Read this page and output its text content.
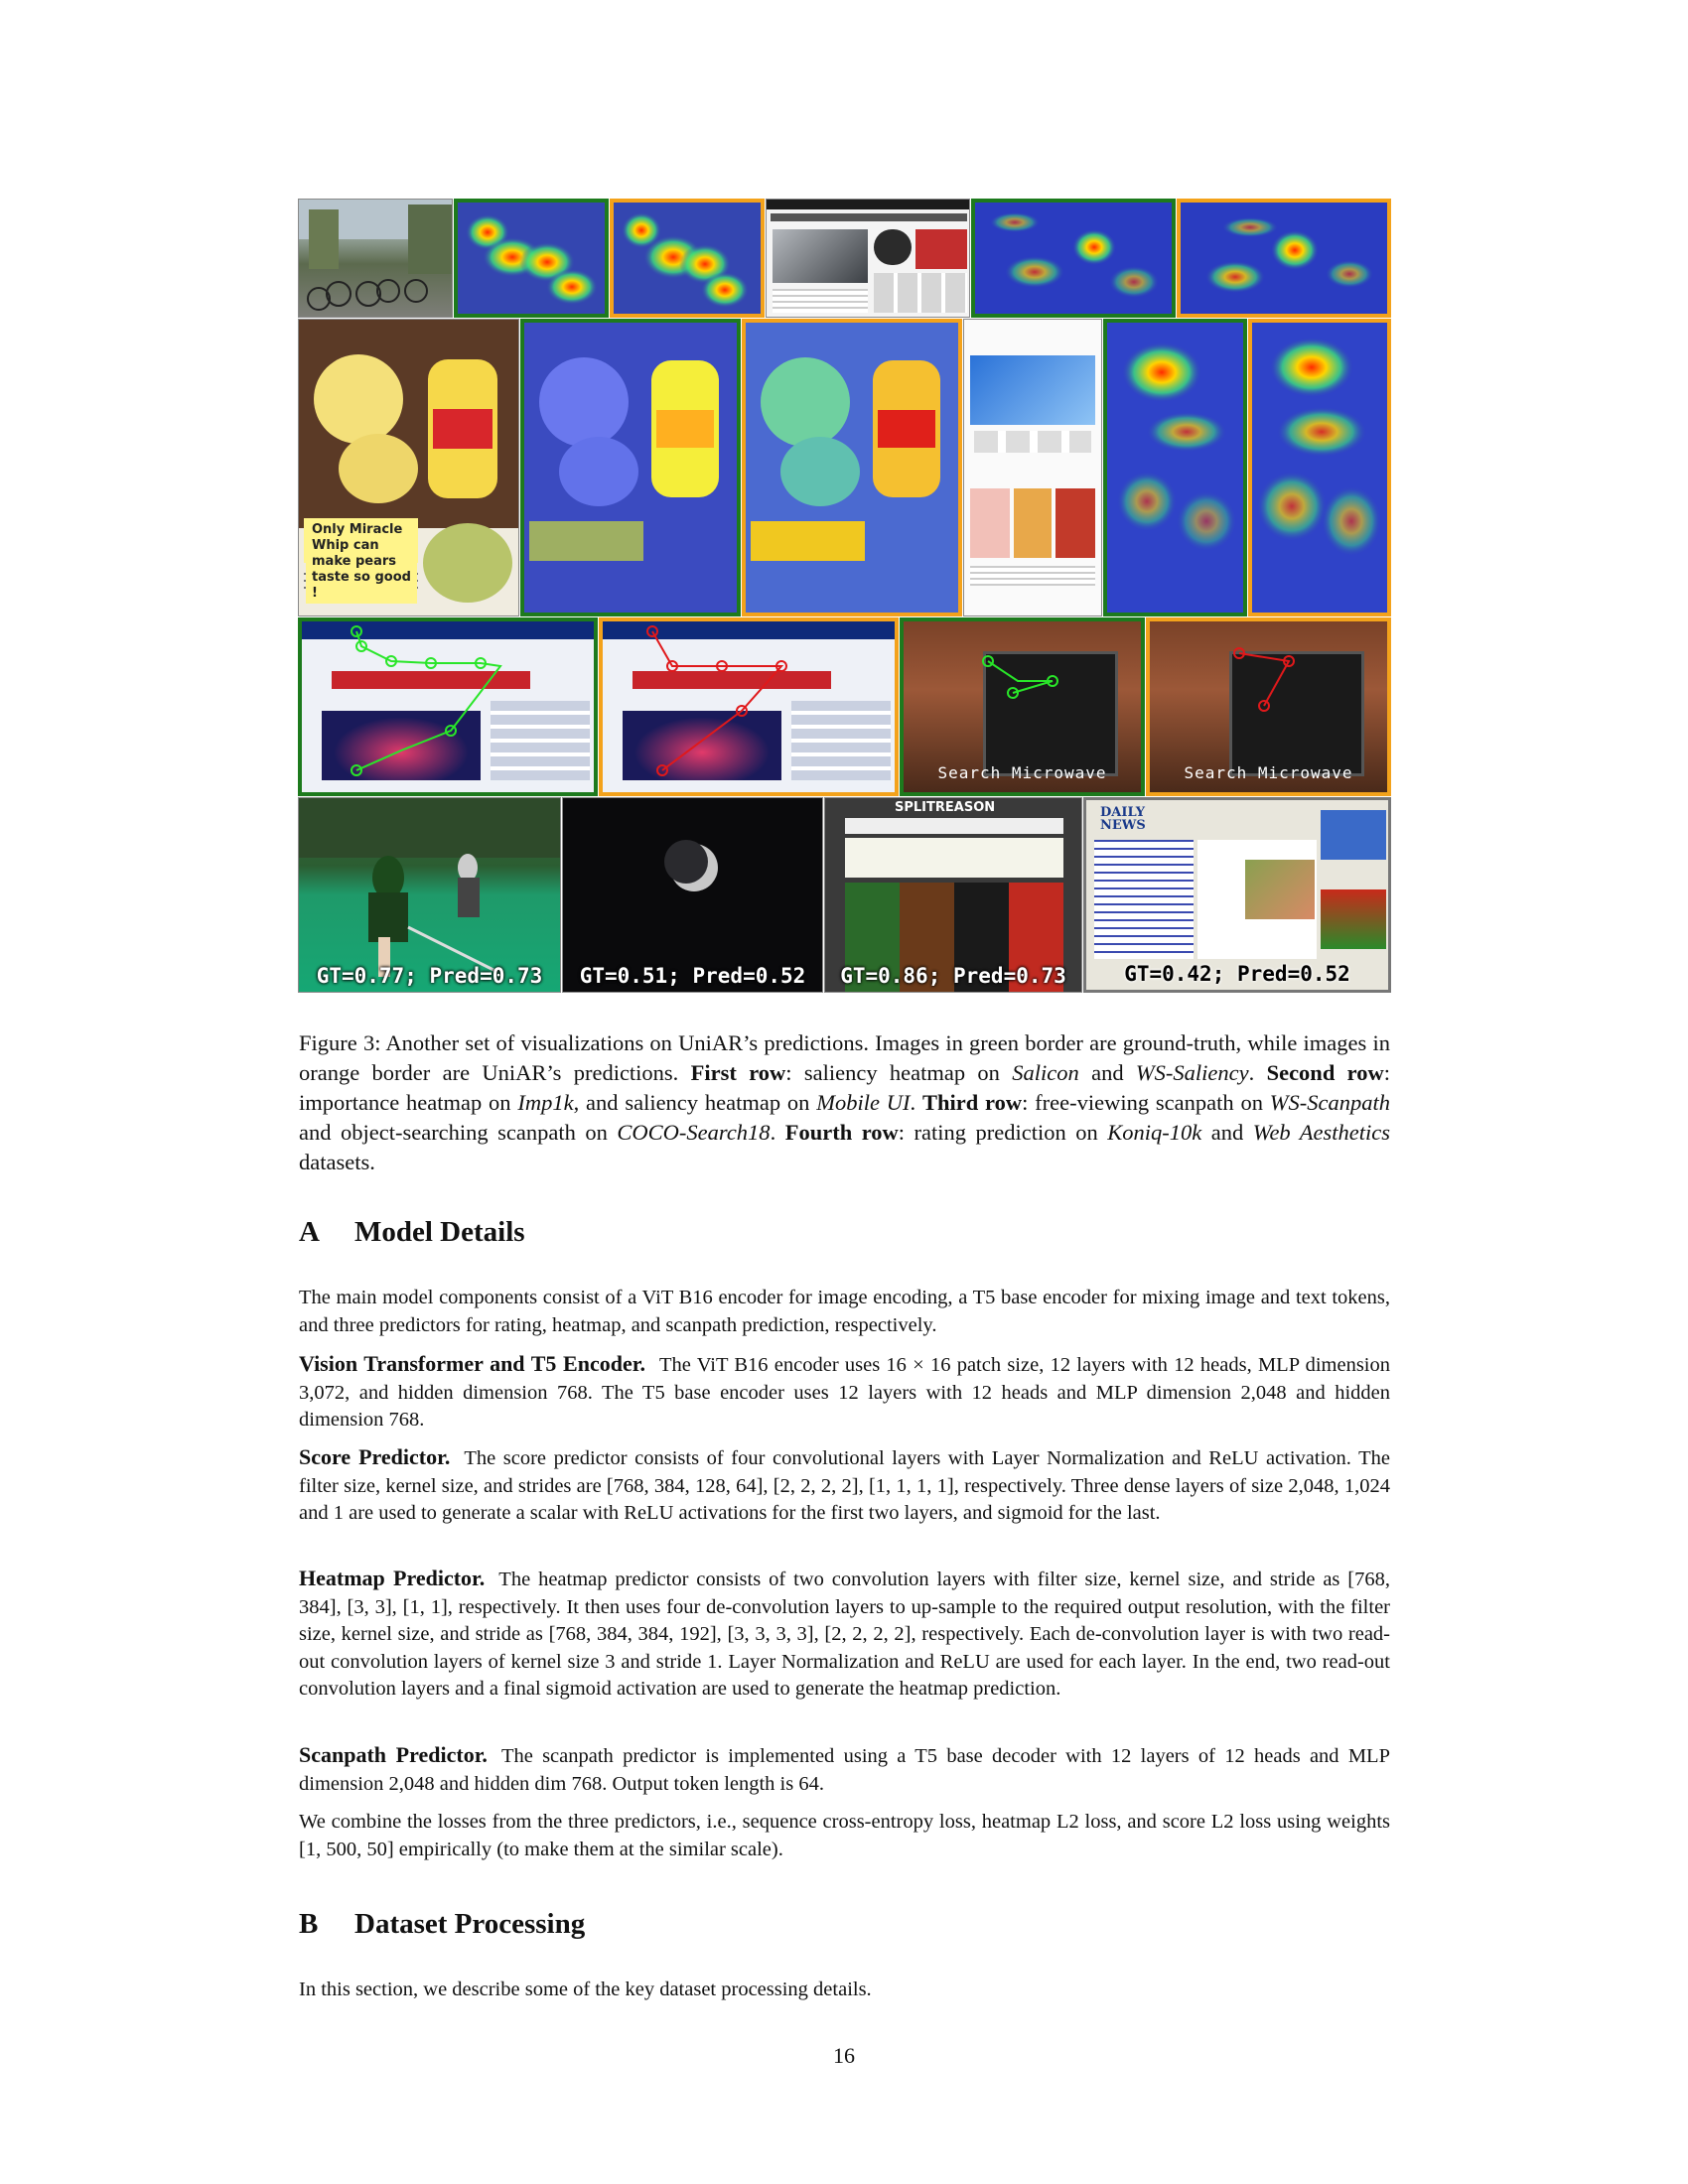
Only Miracle Whip can make pears taste so good !
Search Microwave	Search Microwave
GT=0.77; Pred=0.73	GT=0.51; Pred=0.52
SPLITREASON
GT=0.86; Pred=0.73
DAILY NEWS
GT=0.42; Pred=0.52
Figure 3: Another set of visualizations on UniAR’s predictions. Images in green border are ground-truth, while images in orange border are UniAR’s predictions. First row: saliency heatmap on Salicon and WS-Saliency. Second row: importance heatmap on Imp1k, and saliency heatmap on Mobile UI. Third row: free-viewing scanpath on WS-Scanpath and object-searching scanpath on COCO-Search18. Fourth row: rating prediction on Koniq-10k and Web Aesthetics datasets.
A Model Details
The main model components consist of a ViT B16 encoder for image encoding, a T5 base encoder for mixing image and text tokens, and three predictors for rating, heatmap, and scanpath prediction, respectively.
Vision Transformer and T5 Encoder. The ViT B16 encoder uses 16 × 16 patch size, 12 layers with 12 heads, MLP dimension 3,072, and hidden dimension 768. The T5 base encoder uses 12 layers with 12 heads and MLP dimension 2,048 and hidden dimension 768.
Score Predictor. The score predictor consists of four convolutional layers with Layer Normalization and ReLU activation. The filter size, kernel size, and strides are [768, 384, 128, 64], [2, 2, 2, 2], [1, 1, 1, 1], respectively. Three dense layers of size 2,048, 1,024 and 1 are used to generate a scalar with ReLU activations for the first two layers, and sigmoid for the last.
Heatmap Predictor. The heatmap predictor consists of two convolution layers with filter size, kernel size, and stride as [768, 384], [3, 3], [1, 1], respectively. It then uses four de-convolution layers to up-sample to the required output resolution, with the filter size, kernel size, and stride as [768, 384, 384, 192], [3, 3, 3, 3], [2, 2, 2, 2], respectively. Each de-convolution layer is with two read-out convolution layers of kernel size 3 and stride 1. Layer Normalization and ReLU are used for each layer. In the end, two read-out convolution layers and a final sigmoid activation are used to generate the heatmap prediction.
Scanpath Predictor. The scanpath predictor is implemented using a T5 base decoder with 12 layers of 12 heads and MLP dimension 2,048 and hidden dim 768. Output token length is 64.
We combine the losses from the three predictors, i.e., sequence cross-entropy loss, heatmap L2 loss, and score L2 loss using weights [1, 500, 50] empirically (to make them at the similar scale).
B Dataset Processing
In this section, we describe some of the key dataset processing details.
16
